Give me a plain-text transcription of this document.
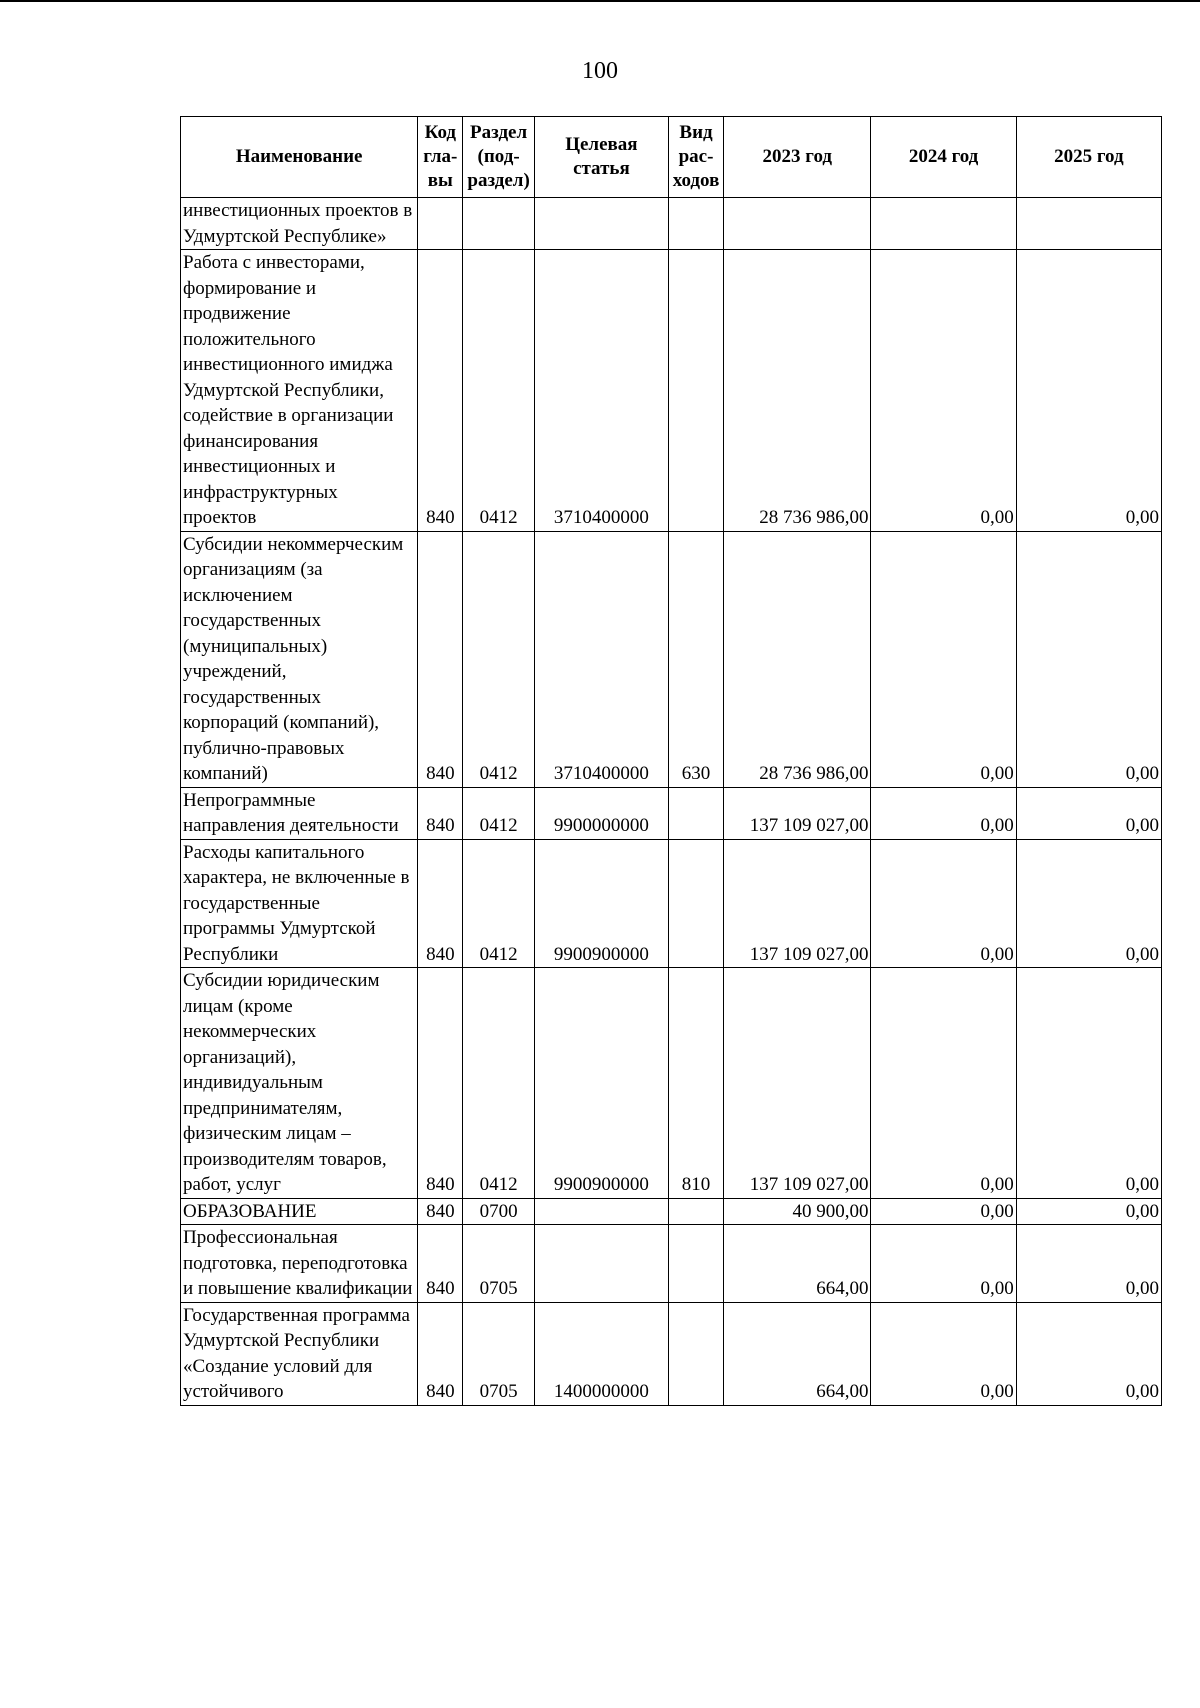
100
Наименование	Код гла-вы	Раздел (под-раздел)	Целевая статья	Вид рас-ходов	2023 год	2024 год	2025 год
инвестиционных проектов в Удмуртской Республике»							
Работа с инвесторами, формирование и продвижение положительного инвестиционного имиджа Удмуртской Республики, содействие в организации финансирования инвестиционных и инфраструктурных проектов	840	0412	3710400000		28 736 986,00	0,00	0,00
Субсидии некоммерческим организациям (за исключением государственных (муниципальных) учреждений, государственных корпораций (компаний), публично-правовых компаний)	840	0412	3710400000	630	28 736 986,00	0,00	0,00
Непрограммные направления деятельности	840	0412	9900000000		137 109 027,00	0,00	0,00
Расходы капитального характера, не включенные в государственные программы Удмуртской Республики	840	0412	9900900000		137 109 027,00	0,00	0,00
Субсидии юридическим лицам (кроме некоммерческих организаций), индивидуальным предпринимателям, физическим лицам – производителям товаров, работ, услуг	840	0412	9900900000	810	137 109 027,00	0,00	0,00
ОБРАЗОВАНИЕ	840	0700			40 900,00	0,00	0,00
Профессиональная подготовка, переподготовка и повышение квалификации	840	0705			664,00	0,00	0,00
Государственная программа Удмуртской Республики «Создание условий для устойчивого	840	0705	1400000000		664,00	0,00	0,00
